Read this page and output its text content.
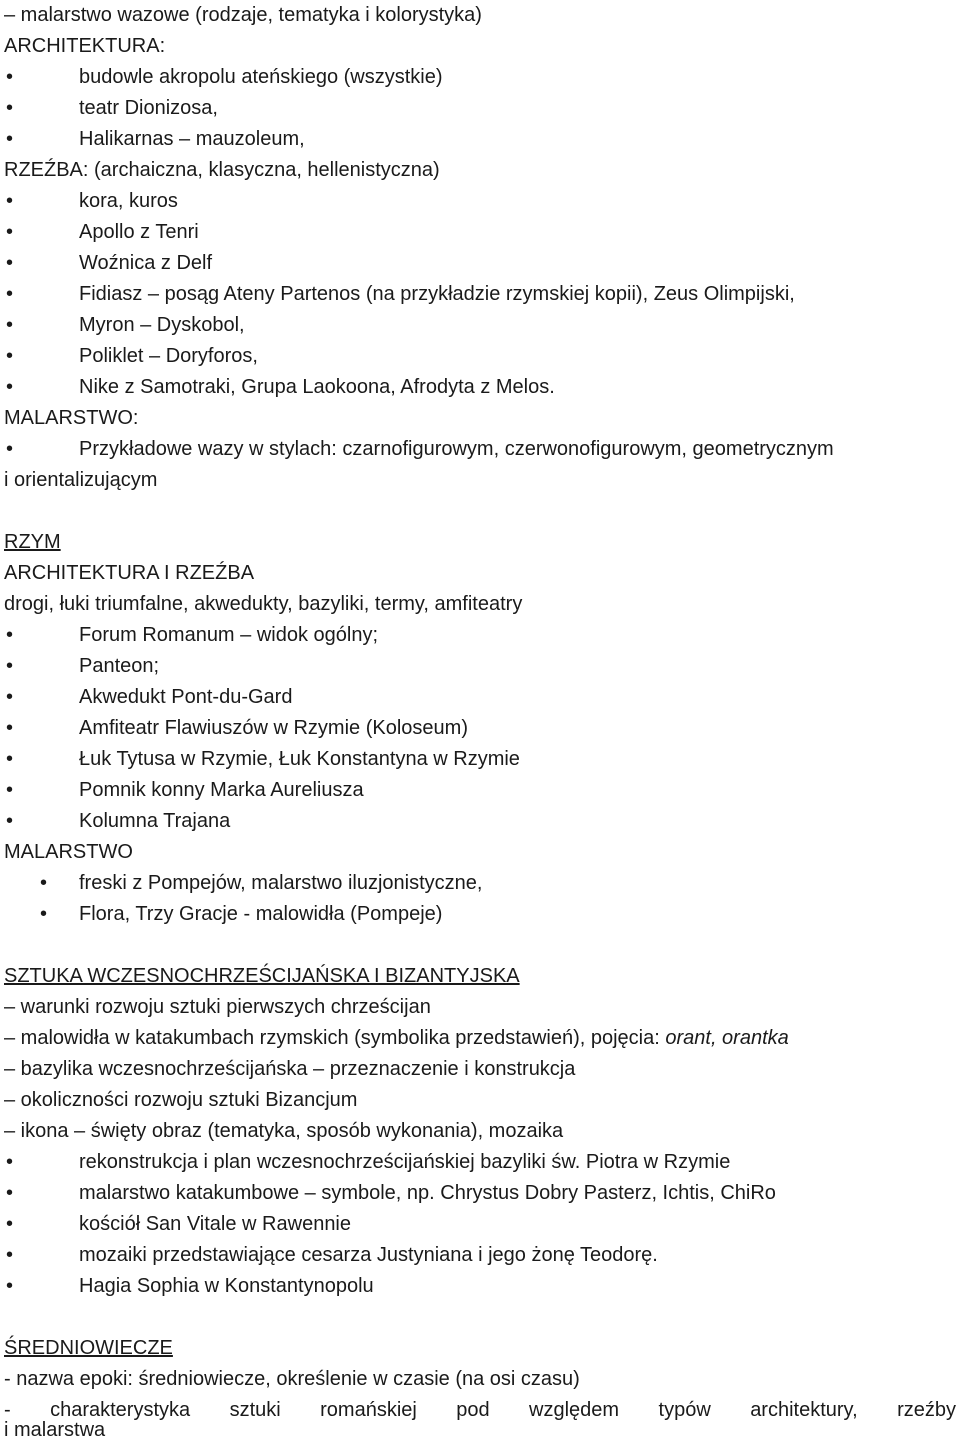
– malarstwo wazowe (rodzaje, tematyka i kolorystyka)
ARCHITEKTURA:
• budowle akropolu ateńskiego (wszystkie)
• teatr Dionizosa,
• Halikarnas – mauzoleum,
RZEŹBA: (archaiczna, klasyczna, hellenistyczna)
• kora, kuros
• Apollo z Tenri
• Woźnica z Delf
• Fidiasz – posąg Ateny Partenos (na przykładzie rzymskiej kopii), Zeus Olimpijski,
• Myron – Dyskobol,
• Poliklet – Doryforos,
• Nike z Samotraki, Grupa Laokoona, Afrodyta z Melos.
MALARSTWO:
• Przykładowe wazy w stylach: czarnofigurowym, czerwonofigurowym, geometrycznym
i orientalizującym
RZYM
ARCHITEKTURA I RZEŹBA
drogi, łuki triumfalne, akwedukty, bazyliki, termy, amfiteatry
• Forum Romanum – widok ogólny;
• Panteon;
• Akwedukt Pont-du-Gard
• Amfiteatr Flawiuszów w Rzymie (Koloseum)
• Łuk Tytusa w Rzymie, Łuk Konstantyna w Rzymie
• Pomnik konny Marka Aureliusza
• Kolumna Trajana
MALARSTWO
• freski z Pompejów, malarstwo iluzjonistyczne,
• Flora, Trzy Gracje - malowidła (Pompeje)
SZTUKA WCZESNOCHRZEŚCIJAŃSKA I BIZANTYJSKA
– warunki rozwoju sztuki pierwszych chrześcijan
– malowidła w katakumbach rzymskich (symbolika przedstawień), pojęcia: orant, orantka
– bazylika wczesnochrześcijańska – przeznaczenie i konstrukcja
– okoliczności rozwoju sztuki Bizancjum
– ikona – święty obraz (tematyka, sposób wykonania), mozaika
• rekonstrukcja i plan wczesnochrześcijańskiej bazyliki św. Piotra w Rzymie
• malarstwo katakumbowe – symbole, np. Chrystus Dobry Pasterz, Ichtis, ChiRo
• kościół San Vitale w Rawennie
• mozaiki przedstawiające cesarza Justyniana i jego żonę Teodorę.
• Hagia Sophia w Konstantynopolu
ŚREDNIOWIECZE
- nazwa epoki: średniowiecze, określenie w czasie (na osi czasu)
- charakterystyka sztuki romańskiej pod względem typów architektury, rzeźby
i malarstwa
